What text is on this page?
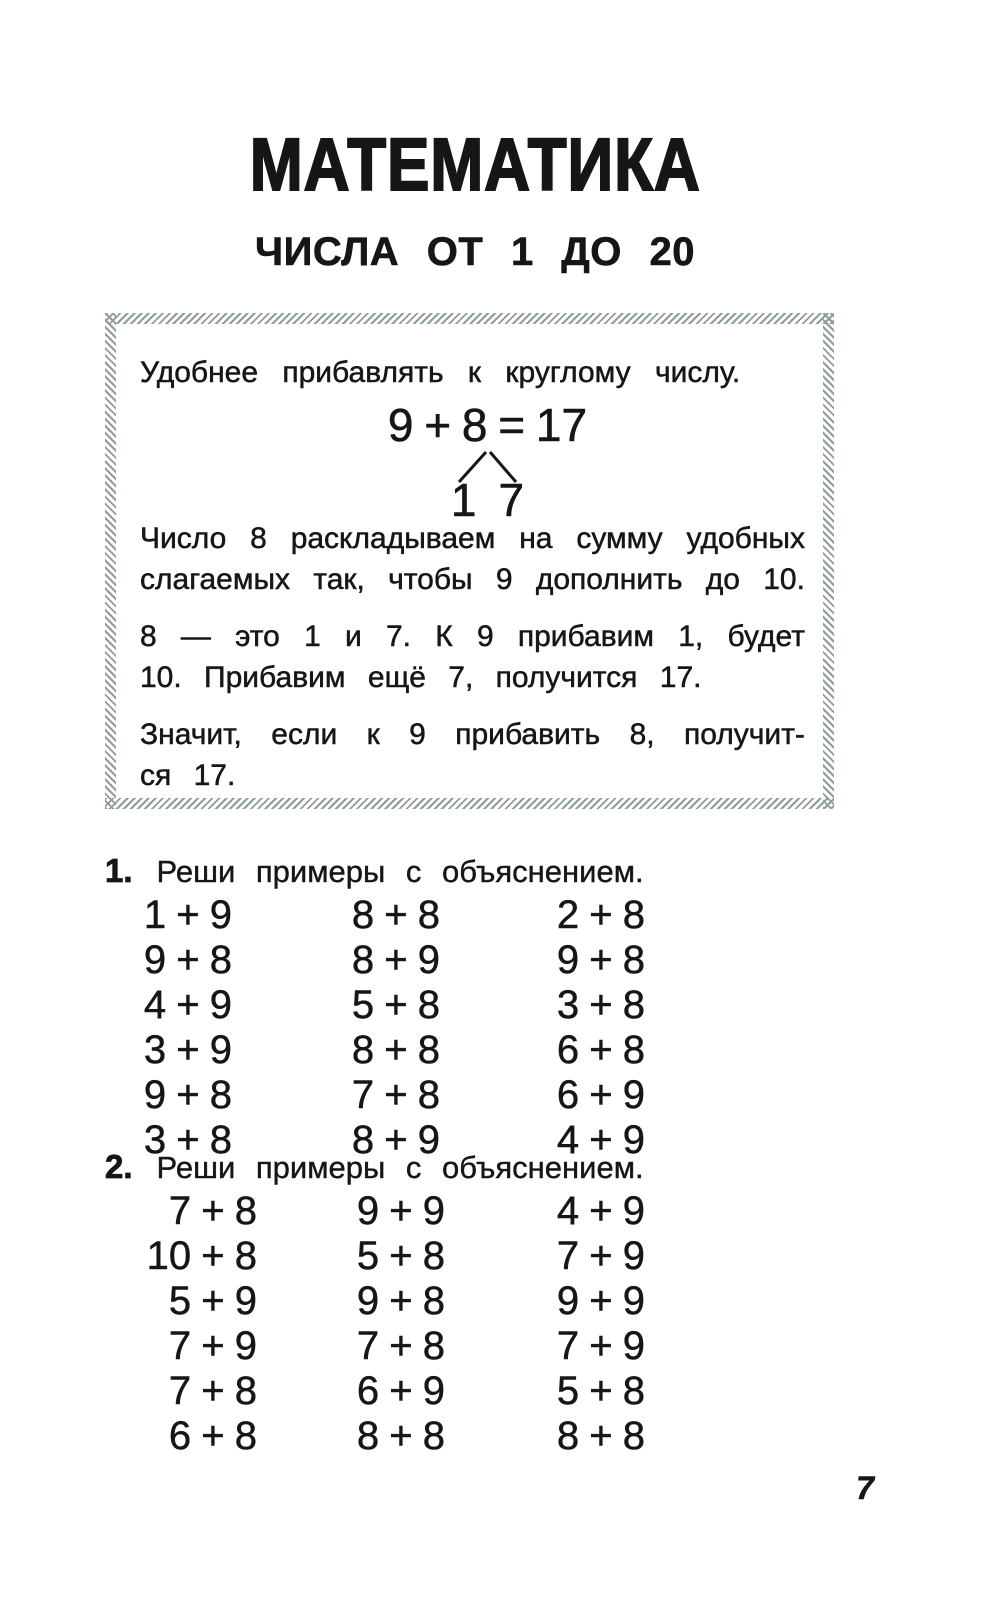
МАТЕМАТИКА
ЧИСЛА ОТ 1 ДО 20
Удобнее прибавлять к круглому числу.
9 + 8 = 17
1 7
Число 8 раскладываем на сумму удобных
слагаемых так, чтобы 9 дополнить до 10.
8 — это 1 и 7. К 9 прибавим 1, будет
10. Прибавим ещё 7, получится 17.
Значит, если к 9 прибавить 8, получит-
ся 17.
1. Реши примеры с объяснением.
1 + 9
9 + 8
4 + 9
3 + 9
9 + 8
3 + 8
8 + 8
8 + 9
5 + 8
8 + 8
7 + 8
8 + 9
2 + 8
9 + 8
3 + 8
6 + 8
6 + 9
4 + 9
2. Реши примеры с объяснением.
7 + 8
10 + 8
5 + 9
7 + 9
7 + 8
6 + 8
9 + 9
5 + 8
9 + 8
7 + 8
6 + 9
8 + 8
4 + 9
7 + 9
9 + 9
7 + 9
5 + 8
8 + 8
7
